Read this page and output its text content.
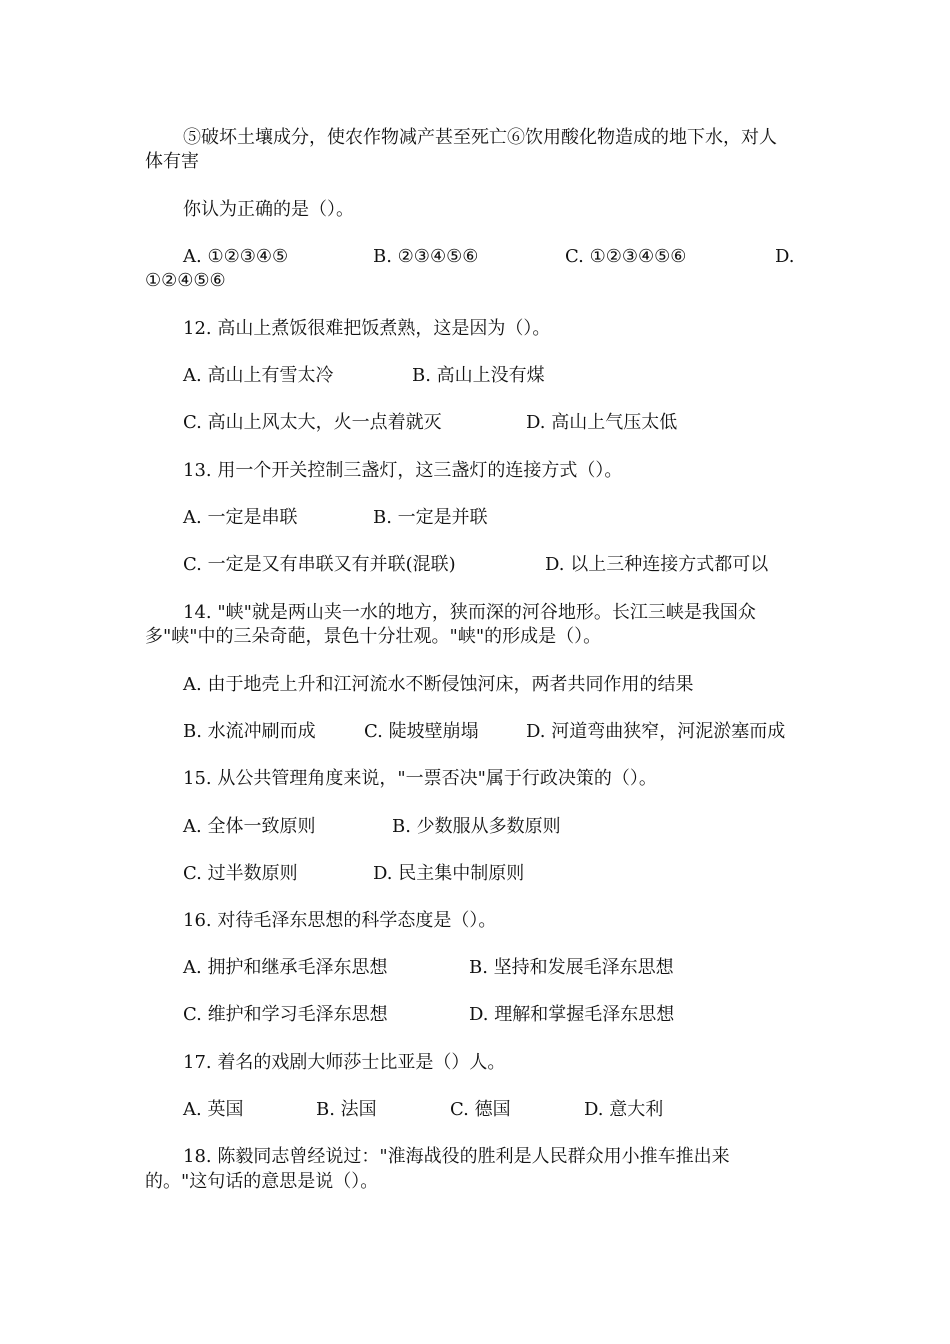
⑤破坏土壤成分，使农作物减产甚至死亡⑥饮用酸化物造成的地下水，对人
体有害
你认为正确的是（）。
A. ①②③④⑤	B. ②③④⑤⑥	C. ①②③④⑤⑥	D.
①②④⑤⑥
12. 高山上煮饭很难把饭煮熟，这是因为（）。
A. 高山上有雪太冷	B. 高山上没有煤
C. 高山上风太大，火一点着就灭	D. 高山上气压太低
13. 用一个开关控制三盏灯，这三盏灯的连接方式（）。
A. 一定是串联	B. 一定是并联
C. 一定是又有串联又有并联(混联)	D. 以上三种连接方式都可以
14. "峡"就是两山夹一水的地方，狭而深的河谷地形。长江三峡是我国众
多"峡"中的三朵奇葩，景色十分壮观。"峡"的形成是（）。
A. 由于地壳上升和江河流水不断侵蚀河床，两者共同作用的结果
B. 水流冲刷而成	C. 陡坡壁崩塌	D. 河道弯曲狭窄，河泥淤塞而成
15. 从公共管理角度来说，"一票否决"属于行政决策的（）。
A. 全体一致原则	B. 少数服从多数原则
C. 过半数原则	D. 民主集中制原则
16. 对待毛泽东思想的科学态度是（）。
A. 拥护和继承毛泽东思想	B. 坚持和发展毛泽东思想
C. 维护和学习毛泽东思想	D. 理解和掌握毛泽东思想
17. 着名的戏剧大师莎士比亚是（）人。
A. 英国	B. 法国	C. 德国	D. 意大利
18. 陈毅同志曾经说过："淮海战役的胜利是人民群众用小推车推出来
的。"这句话的意思是说（）。
